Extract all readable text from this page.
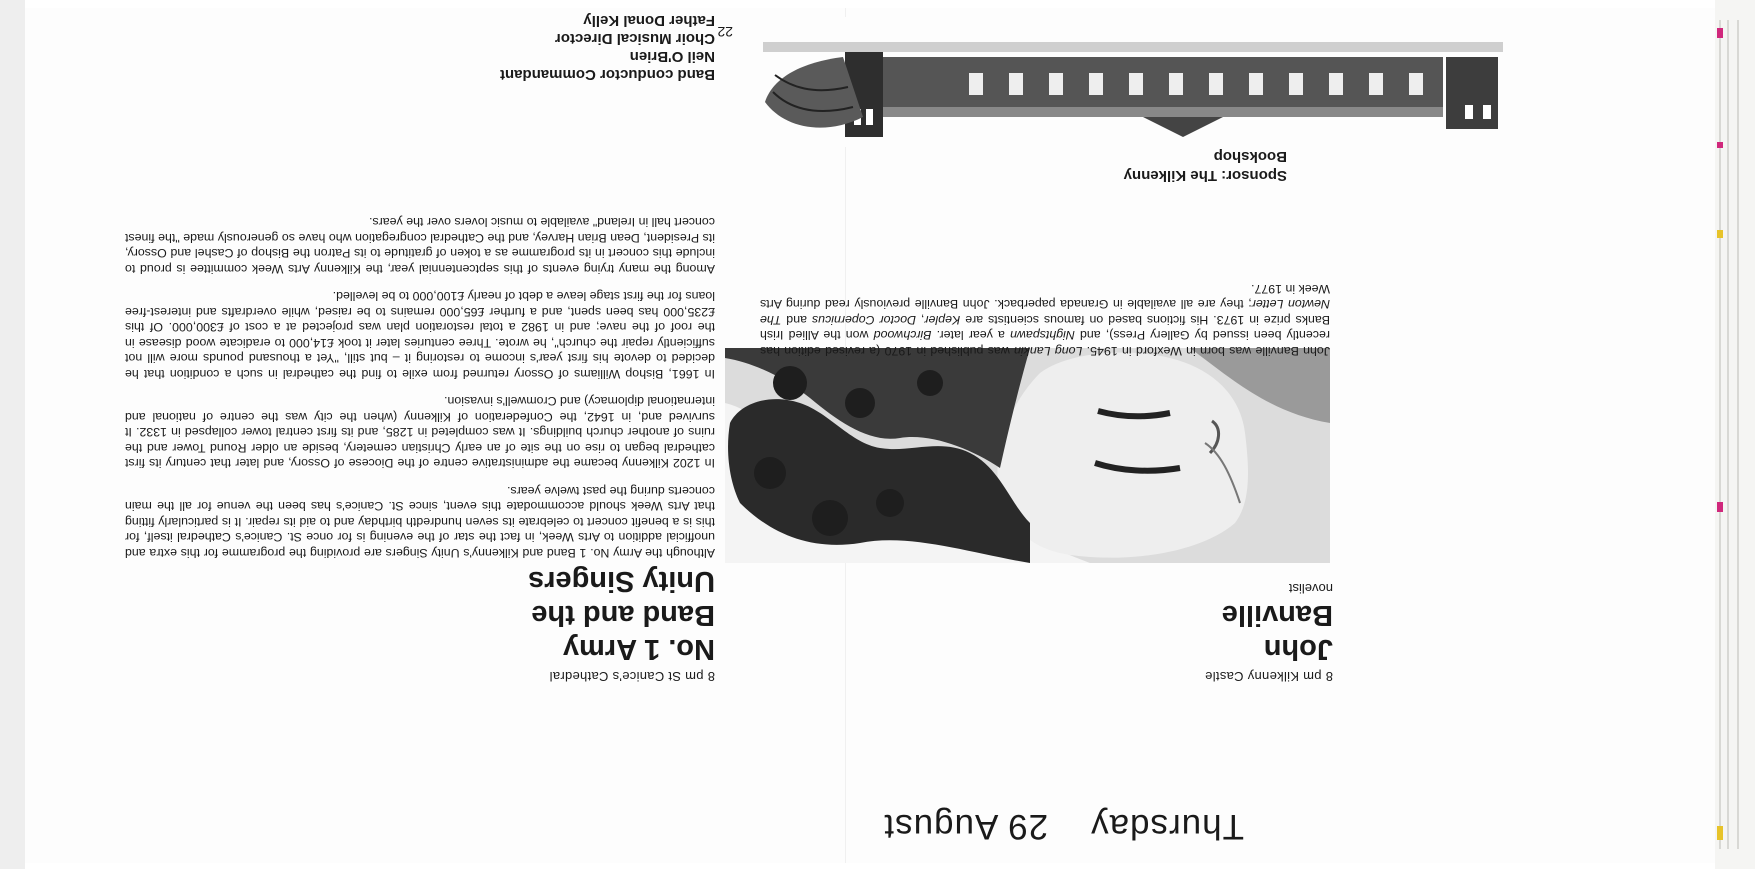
Thursday29 August
8 pm Kilkenny Castle
John
Banville
novelist
John Banville was born in Wexford in 1945. Long Lankin was published in 1970 (a revised edition has recently been issued by Gallery Press), and Nightspawn a year later. Birchwood won the Allied Irish Banks prize in 1973. His fictions based on famous scientists are Kepler, Doctor Copernicus and The Newton Letter; they are all available in Granada paperback. John Banville previously read during Arts Week in 1977.
Sponsor: The Kilkenny
Bookshop
8 pm St Canice's Cathedral
No. 1 Army
Band and the
Unity Singers

Although the Army No. 1 Band and Kilkenny's Unity Singers are providing the programme for this extra and unofficial addition to Arts Week, in fact the star of the evening is for once St. Canice's Cathedral itself, for this is a benefit concert to celebrate its seven hundredth birthday and to aid its repair. It is particularly fitting that Arts Week should accommodate this event, since St. Canice's has been the venue for all the main concerts during the past twelve years.

In 1202 Kilkenny became the administrative centre of the Diocese of Ossory, and later that century its first cathedral began to rise on the site of an early Christian cemetery, beside an older Round Tower and the ruins of another church buildings. It was completed in 1285, and its first central tower collapsed in 1332. It survived and, in 1642, the Confederation of Kilkenny (when the city was the centre of national and international diplomacy) and Cromwell's invasion.

In 1661, Bishop Williams of Ossory returned from exile to find the cathedral in such a condition that he decided to devote his first year's income to restoring it – but still, "Yet a thousand pounds more will not sufficiently repair the church", he wrote. Three centuries later it took £14,000 to eradicate wood disease in the roof of the nave; and in 1982 a total restoration plan was projected at a cost of £300,000. Of this £235,000 has been spent, and a further £65,000 remains to be raised, while overdrafts and interest-free loans for the first stage leave a debt of nearly £100,000 to be levelled.

Among the many trying events of this septcentennial year, the Kilkenny Arts Week committee is proud to include this concert in its programme as a token of gratitude to its Patron the Bishop of Cashel and Ossory, its President, Dean Brian Harvey, and the Cathedral congregation who have so generously made "the finest concert hall in Ireland" available to music lovers over the years.

Band conductor Commandant
Neil O'Brien
Choir Musical Director
Father Donal Kelly
22
